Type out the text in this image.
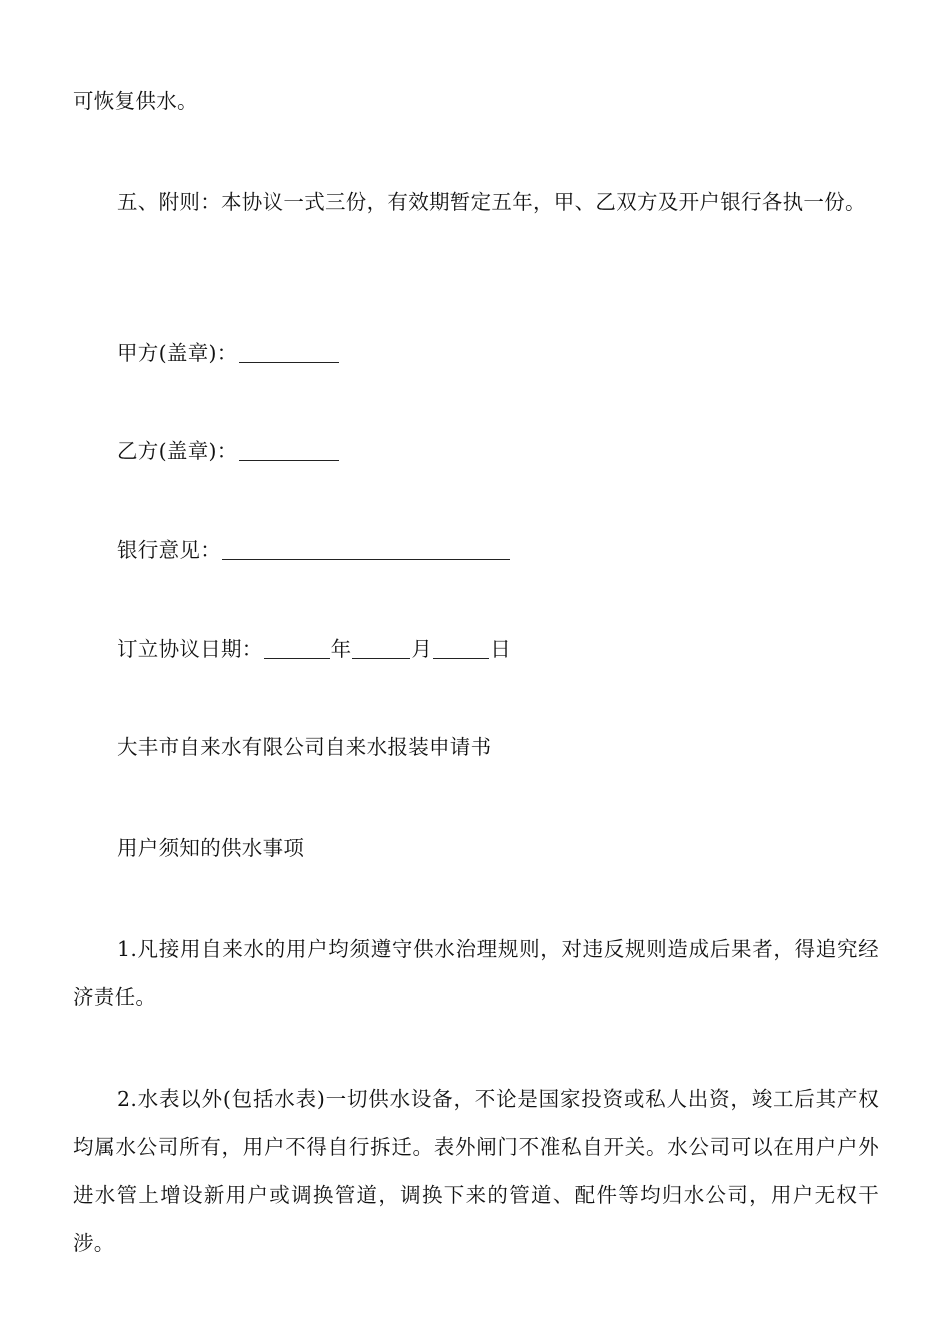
可恢复供水。

五、附则：本协议一式三份，有效期暂定五年，甲、乙双方及开户银行各执一份。

甲方(盖章)：

乙方(盖章)：

银行意见：

订立协议日期：	年	月	日

大丰市自来水有限公司自来水报装申请书

用户须知的供水事项

1.凡接用自来水的用户均须遵守供水治理规则，对违反规则造成后果者，得追究经济责任。

2.水表以外(包括水表)一切供水设备，不论是国家投资或私人出资，竣工后其产权均属水公司所有，用户不得自行拆迁。表外闸门不准私自开关。水公司可以在用户户外进水管上增设新用户或调换管道，调换下来的管道、配件等均归水公司，用户无权干涉。
